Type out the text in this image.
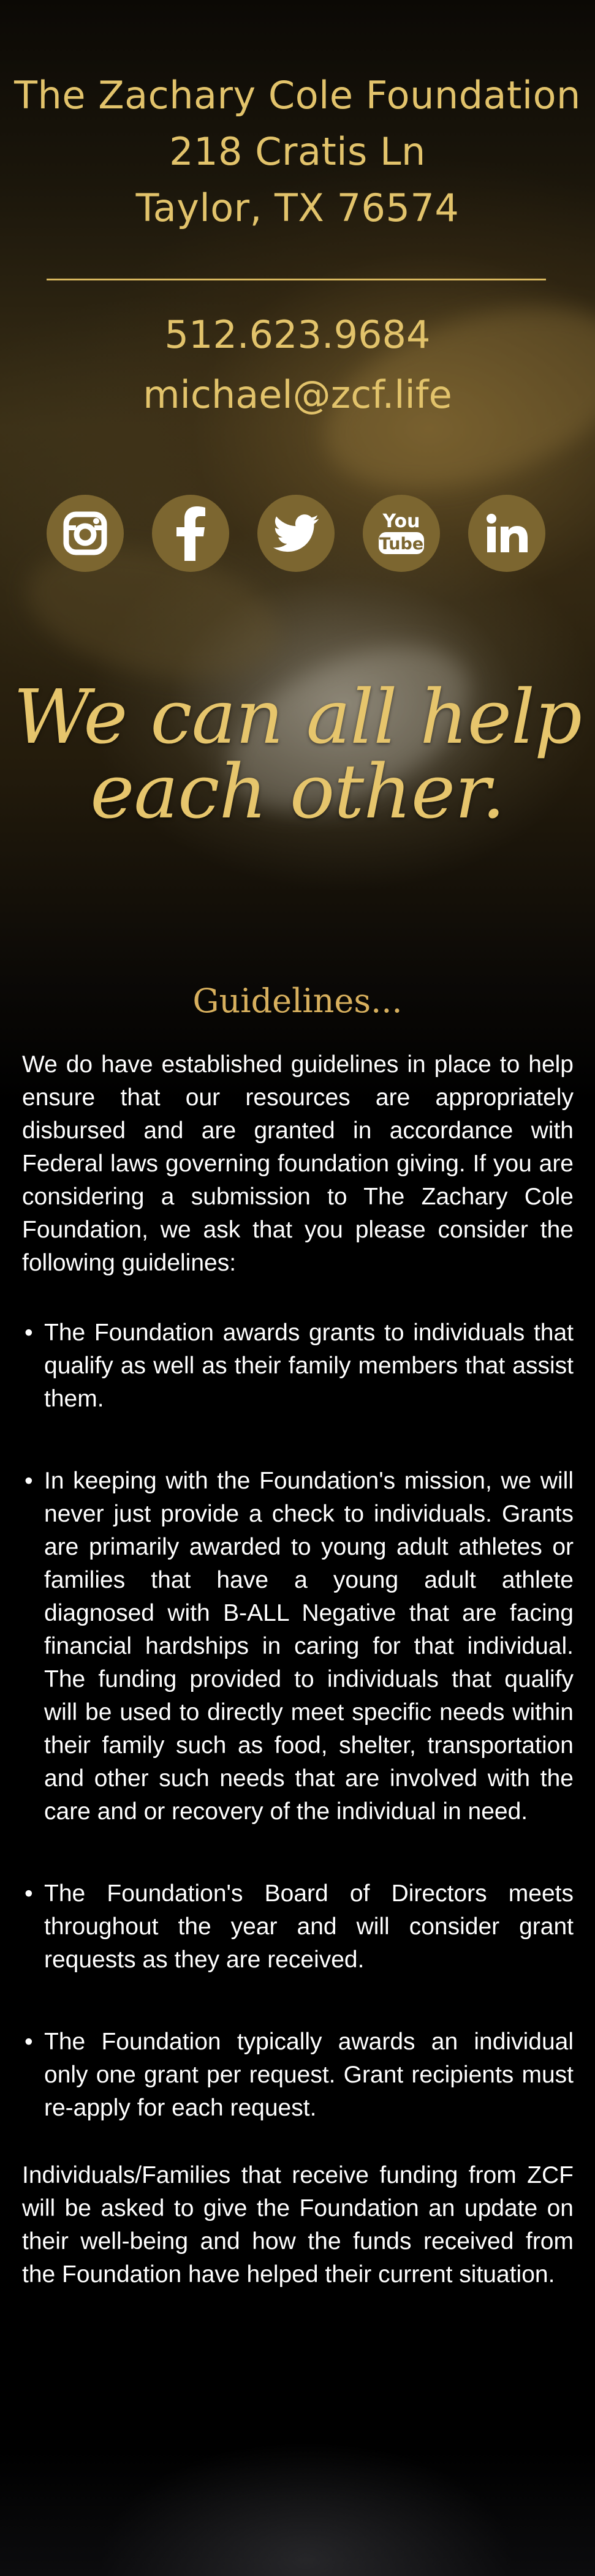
The Zachary Cole Foundation
218 Cratis Ln
Taylor, TX 76574
512.623.9684
michael@zcf.life
You
Tube
We can all help
each other.
Guidelines...

We do have established guidelines in place to help ensure that our resources are appropriately disbursed and are granted in accordance with Federal laws governing foundation giving. If you are considering a submission to The Zachary Cole Foundation, we ask that you please consider the following guidelines:

• The Foundation awards grants to individuals that qualify as well as their family members that assist them.
• In keeping with the Foundation's mission, we will never just provide a check to individuals. Grants are primarily awarded to young adult athletes or families that have a young adult athlete diagnosed with B-ALL Negative that are facing financial hardships in caring for that individual. The funding provided to individuals that qualify will be used to directly meet specific needs within their family such as food, shelter, transportation and other such needs that are involved with the care and or recovery of the individual in need.
• The Foundation's Board of Directors meets throughout the year and will consider grant requests as they are received.
• The Foundation typically awards an individual only one grant per request. Grant recipients must re-apply for each request.

Individuals/Families that receive funding from ZCF will be asked to give the Foundation an update on their well-being and how the funds received from the Foundation have helped their current situation.
